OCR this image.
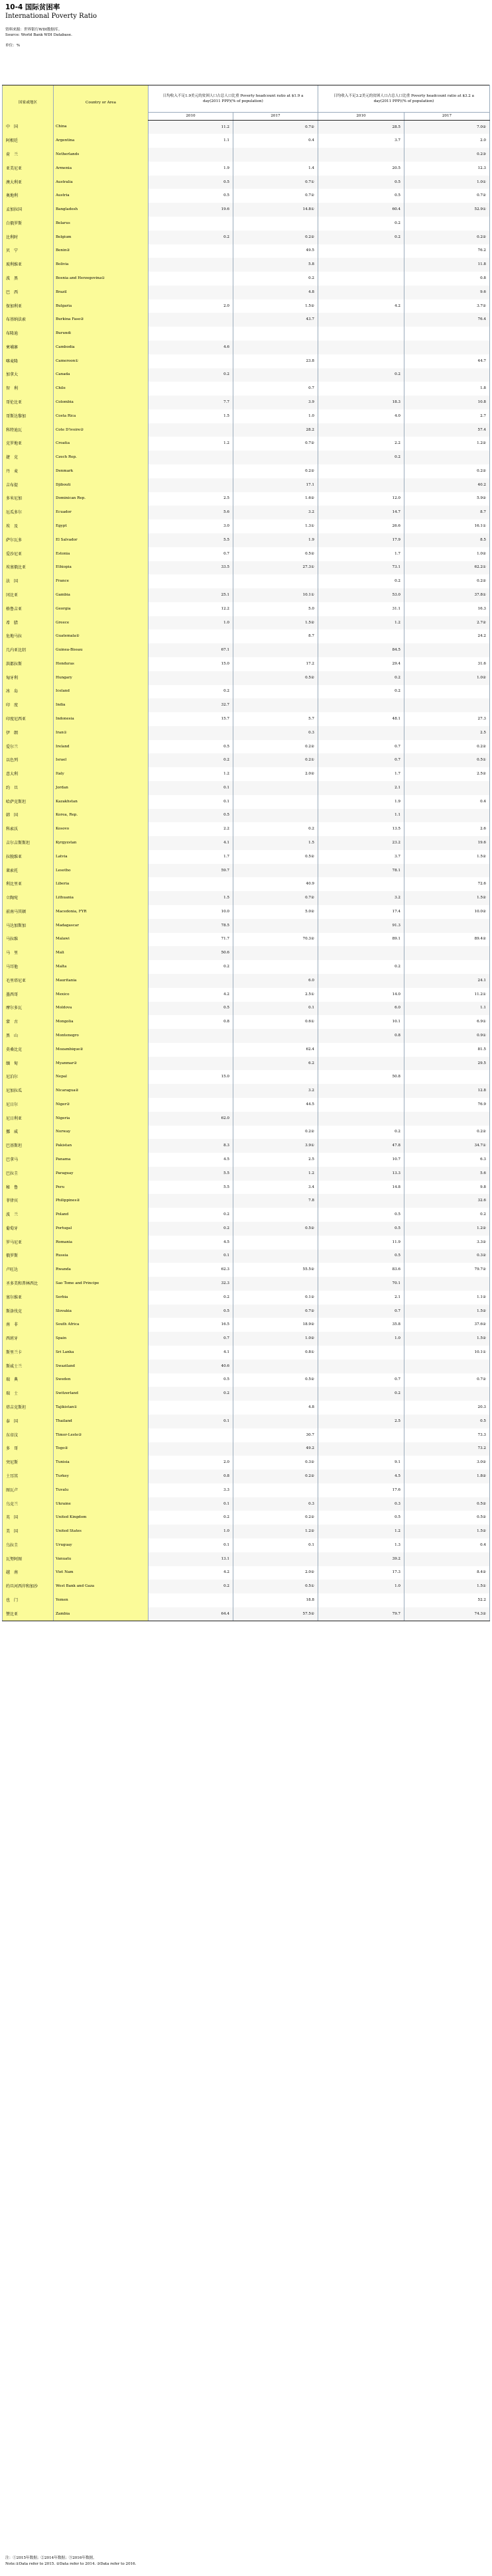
10-4 国际贫困率
International Poverty Ratio
资料来源：世界银行WDI数据库。
Source: World Bank WDI Database.
单位：%
国家或地区	Country or Area	日均收入不足1.9美元的贫困人口占总人口比重 Poverty headcount ratio at $1.9 a day(2011 PPP)(% of population)		日均收入不足3.2美元的贫困人口占总人口比重 Poverty headcount ratio at $3.2 a day(2011 PPP)(% of population)	
		2010	2017	2010	2017
中　国	China	11.2	0.7②	28.5	7.0②
阿根廷	Argentina	1.1	0.4	3.7	2.0
荷　兰	Netherlands				0.2③
亚美尼亚	Armenia	1.9	1.4	20.5	12.3
澳大利亚	Australia	0.5	0.7①	0.5	1.0①
奥地利	Austria	0.5	0.7②	0.5	0.7②
孟加拉国	Bangladesh	19.6	14.8①	60.4	52.9①
白俄罗斯	Belarus			0.2	
比利时	Belgium	0.2	0.2②	0.2	0.2②
贝　宁	Benin②		49.5		76.2
玻利维亚	Bolivia		5.8		11.8
波　黑	Bosnia and Herzegovina①		0.2		0.8
巴　西	Brazil		4.8		9.6
保加利亚	Bulgaria	2.0	1.5②	4.2	3.7②
布基纳法索	Burkina Faso②		43.7		76.4
布隆迪	Burundi				
柬埔寨	Cambodia	4.6			
喀麦隆	Cameroon①		23.8		44.7
加拿大	Canada	0.2		0.2	
智　利	Chile		0.7		1.8
哥伦比亚	Colombia	7.7	3.9	18.3	10.8
哥斯达黎加	Costa Rica	1.5	1.0	4.0	2.7
科特迪瓦	Cote D'ivoire②		28.2		57.4
克罗地亚	Croatia	1.2	0.7②	2.2	1.2②
捷　克	Czech Rep.			0.2	
丹　麦	Denmark		0.2②		0.2②
吉布提	Djibouti		17.1		40.2
多米尼加	Dominican Rep.	2.5	1.6②	12.0	5.9②
厄瓜多尔	Ecuador	5.6	3.2	14.7	8.7
埃　及	Egypt	3.0	1.3①	26.6	16.1①
萨尔瓦多	El Salvador	5.5	1.9	17.9	8.5
爱沙尼亚	Estonia	0.7	0.5②	1.7	1.0②
埃塞俄比亚	Ethiopia	33.5	27.3①	73.1	62.2①
法　国	France			0.2	0.2②
冈比亚	Gambia	25.1	10.1①	53.0	37.8①
格鲁吉亚	Georgia	12.2	5.0	31.1	16.3
希　腊	Greece	1.0	1.5②	1.2	2.7②
危地马拉	Guatemala②		8.7		24.2
几内亚比绍	Guinea-Bissau	67.1		84.5	
洪都拉斯	Honduras	15.0	17.2	29.4	31.6
匈牙利	Hungary		0.5②	0.2	1.0②
冰　岛	Iceland	0.2		0.2	
印　度	India	32.7			
印度尼西亚	Indonesia	15.7	5.7	48.1	27.3
伊　朗	Iran①		0.3		2.5
爱尔兰	Ireland	0.5	0.2②	0.7	0.2②
以色列	Israel	0.2	0.2①	0.7	0.5①
意大利	Italy	1.2	2.0②	1.7	2.5②
约　旦	Jordan	0.1		2.1	
哈萨克斯坦	Kazakhstan	0.1		1.9	0.4
韩　国	Korea, Rep.	0.5		1.1	
科索沃	Kosovo	2.2	0.2	13.5	2.6
吉尔吉斯斯坦	Kyrgyzstan	4.1	1.5	23.2	19.6
拉脱维亚	Latvia	1.7	0.5②	3.7	1.5②
莱索托	Lesotho	59.7		78.1	
利比里亚	Liberia		40.9		72.6
立陶宛	Lithuania	1.5	0.7②	3.2	1.5②
前南马其顿	Macedonia, FYR	10.0	5.0②	17.4	10.0②
马达加斯加	Madagascar	78.5		91.3	
马拉维	Malawi	71.7	70.3②	89.1	89.4②
马　里	Mali	50.6			
马耳他	Malta	0.2		0.2	
毛里塔尼亚	Mauritania		6.0		24.1
墨西哥	Mexico	4.2	2.5①	14.0	11.2①
摩尔多瓦	Moldova	0.5	0.1	6.0	1.1
蒙　古	Mongolia	0.8	0.6①	10.1	6.9①
黑　山	Montenegro			0.8	0.9①
莫桑比克	Mozambique②		62.4		81.5
缅　甸	Myanmar②		6.2		29.5
尼泊尔	Nepal	15.0		50.8	
尼加拉瓜	Nicaragua②		3.2		12.8
尼日尔	Niger②		44.5		76.9
尼日利亚	Nigeria	62.0			
挪　威	Norway		0.2②	0.2	0.2②
巴基斯坦	Pakistan	8.3	3.9①	47.8	34.7①
巴拿马	Panama	4.5	2.5	10.7	6.3
巴拉圭	Paraguay	5.5	1.2	13.3	5.6
秘　鲁	Peru	5.5	3.4	14.8	9.8
菲律宾	Philippines②		7.8		32.6
波　兰	Poland	0.2		0.5	0.2
葡萄牙	Portugal	0.2	0.5②	0.5	1.2②
罗马尼亚	Romania	4.5		11.9	3.3②
俄罗斯	Russia	0.1		0.5	0.3②
卢旺达	Rwanda	62.3	55.5②	83.6	79.7②
圣多美和普林西比	Sao Tome and Principe	32.3		70.1	
塞尔维亚	Serbia	0.2	0.1②	2.1	1.1②
斯洛伐克	Slovakia	0.5	0.7②	0.7	1.5②
南　非	South Africa	16.5	18.9②	35.8	37.6②
西班牙	Spain	0.7	1.0②	1.0	1.5②
斯里兰卡	Sri Lanka	4.1	0.8①		10.1①
斯威士兰	Swaziland	40.6			
瑞　典	Sweden	0.5	0.5②	0.7	0.7②
瑞　士	Switzerland	0.2		0.2	
塔吉克斯坦	Tajikistan①		4.8		20.3
泰　国	Thailand	0.1		2.5	0.5
东帝汶	Timor-Leste②		30.7		73.3
多　哥	Togo②		49.2		73.2
突尼斯	Tunisia	2.0	0.3②	9.1	3.0②
土耳其	Turkey	0.8	0.2②	4.5	1.8②
图瓦卢	Tuvalu	3.3		17.6	
乌克兰	Ukraine	0.1	0.3	0.3	0.5②
英　国	United Kingdom	0.2	0.2②	0.5	0.5②
美　国	United States	1.0	1.2②	1.2	1.5②
乌拉圭	Uruguay	0.1	0.1	1.3	0.4
瓦努阿图	Vanuatu	13.1		39.2	
越　南	Viet Nam	4.2	2.0②	17.3	8.4②
约旦河西岸和加沙	West Bank and Gaza	0.2	0.5①	1.0	1.5①
也　门	Yemen		18.8		52.2
赞比亚	Zambia	64.4	57.5②	79.7	74.3②
注：①2015年数据；②2014年数据；③2016年数据。
Note:①Data refer to 2015. ②Data refer to 2014. ③Data refer to 2016.
